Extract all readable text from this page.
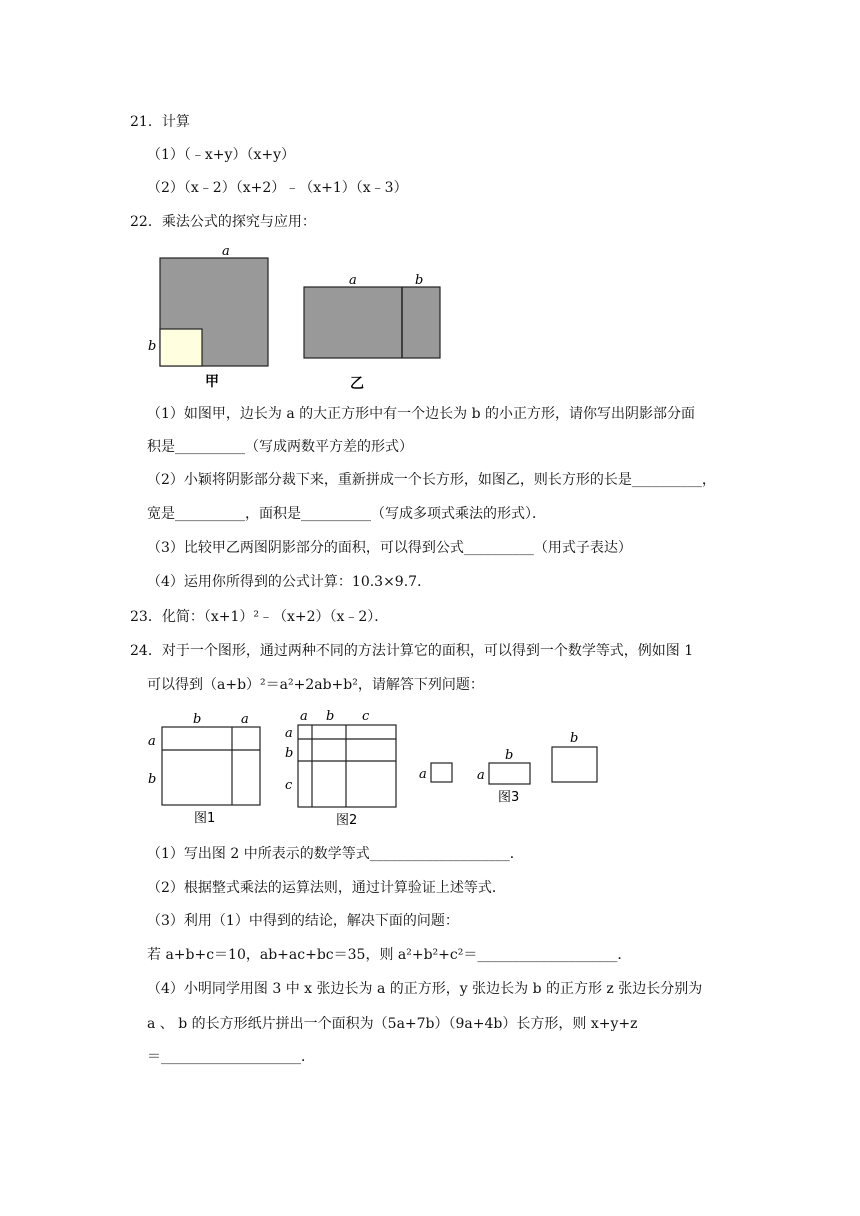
21．计算
（1）（﹣x+y）（x+y）
（2）（x﹣2）（x+2）﹣（x+1）（x﹣3）
22．乘法公式的探究与应用：
a
b
甲
a	b
乙
（1）如图甲，边长为 a 的大正方形中有一个边长为 b 的小正方形，请你写出阴影部分面
积是__________（写成两数平方差的形式）
（2）小颖将阴影部分裁下来，重新拼成一个长方形，如图乙，则长方形的长是__________，
宽是__________，面积是__________（写成多项式乘法的形式）．
（3）比较甲乙两图阴影部分的面积，可以得到公式__________（用式子表达）
（4）运用你所得到的公式计算：10.3×9.7．
23．化简：（x+1）²﹣（x+2）（x﹣2）．
24．对于一个图形，通过两种不同的方法计算它的面积，可以得到一个数学等式，例如图 1
可以得到（a+b）²＝a²+2ab+b²，请解答下列问题：
b	a
a
b
图1
a b c
a
b
c
图2
a	a
b
b
图3
（1）写出图 2 中所表示的数学等式____________________．
（2）根据整式乘法的运算法则，通过计算验证上述等式．
（3）利用（1）中得到的结论，解决下面的问题：
若 a+b+c＝10，ab+ac+bc＝35，则 a²+b²+c²＝____________________．
（4）小明同学用图 3 中 x 张边长为 a 的正方形，y 张边长为 b 的正方形 z 张边长分别为
a 、 b 的长方形纸片拼出一个面积为（5a+7b）（9a+4b）长方形，则 x+y+z
＝____________________．
